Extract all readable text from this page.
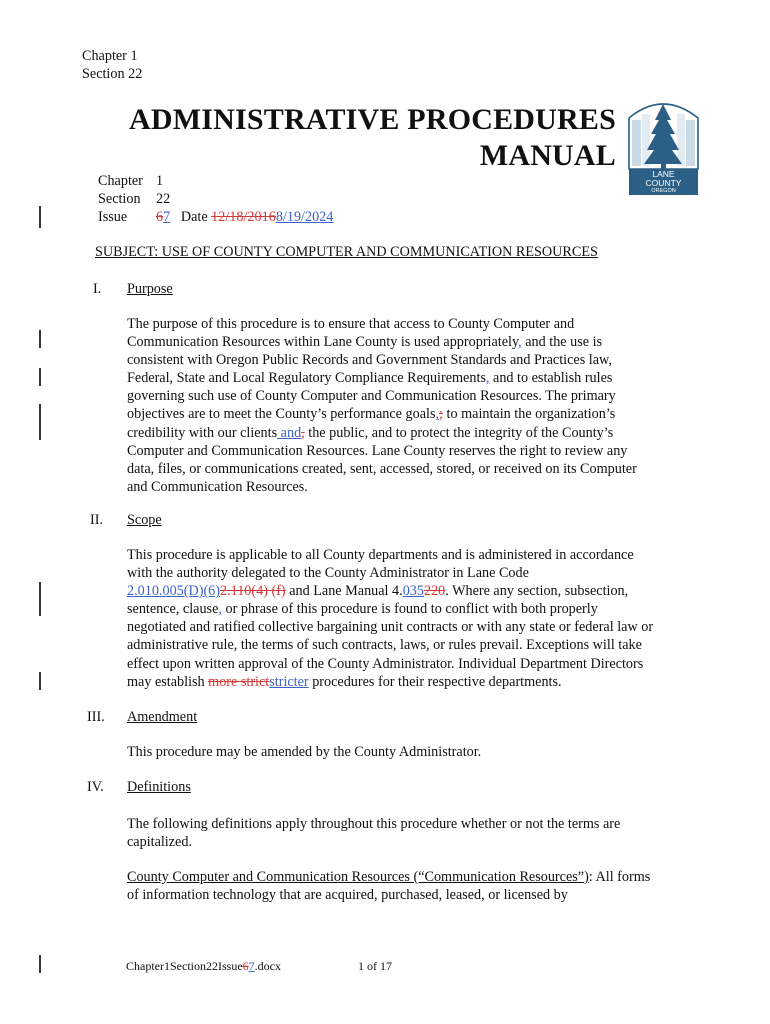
Chapter 1
Section 22
ADMINISTRATIVE PROCEDURES
MANUAL
LANE
COUNTY
OREGON
Chapter 1
Section 22
Issue 67 Date 12/18/20168/19/2024
SUBJECT: USE OF COUNTY COMPUTER AND COMMUNICATION RESOURCES
I. Purpose
II. Scope
III. Amendment
IV. Definitions
The purpose of this procedure is to ensure that access to County Computer and
Communication Resources within Lane County is used appropriately, and the use is
consistent with Oregon Public Records and Government Standards and Practices law,
Federal, State and Local Regulatory Compliance Requirements, and to establish rules
governing such use of County Computer and Communication Resources. The primary
objectives are to meet the County’s performance goals,; to maintain the organization’s
credibility with our clients and, the public, and to protect the integrity of the County’s
Computer and Communication Resources. Lane County reserves the right to review any
data, files, or communications created, sent, accessed, stored, or received on its Computer
and Communication Resources.
This procedure is applicable to all County departments and is administered in accordance
with the authority delegated to the County Administrator in Lane Code
2.010.005(D)(6)2.110(4) (f) and Lane Manual 4.035220. Where any section, subsection,
sentence, clause, or phrase of this procedure is found to conflict with both properly
negotiated and ratified collective bargaining unit contracts or with any state or federal law or
administrative rule, the terms of such contracts, laws, or rules prevail. Exceptions will take
effect upon written approval of the County Administrator. Individual Department Directors
may establish more strictstricter procedures for their respective departments.
This procedure may be amended by the County Administrator.
The following definitions apply throughout this procedure whether or not the terms are
capitalized.
County Computer and Communication Resources (“Communication Resources”): All forms
of information technology that are acquired, purchased, leased, or licensed by
Chapter1Section22Issue67.docx	1 of 17
